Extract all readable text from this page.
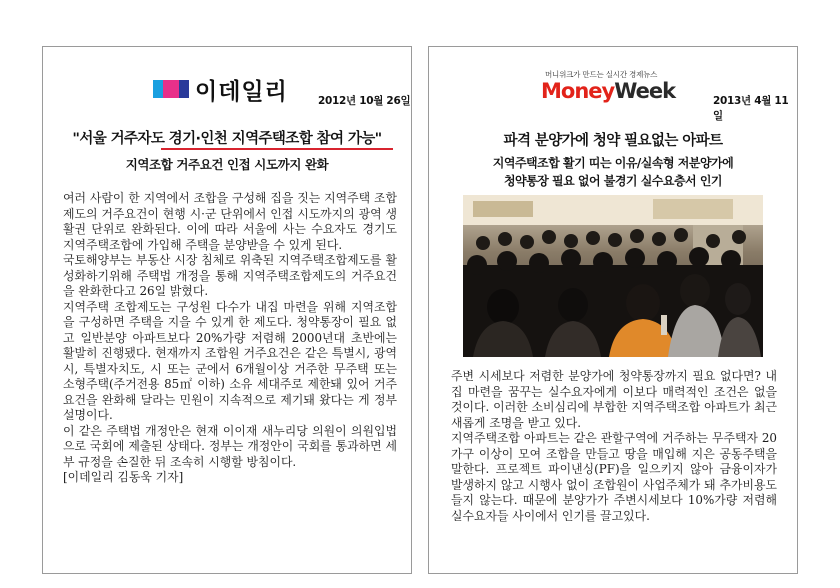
이데일리	2012년 10월 26일
"서울 거주자도 경기·인천 지역주택조합 참여 가능"
지역조합 거주요건 인접 시도까지 완화

여러 사람이 한 지역에서 조합을 구성해 집을 짓는 지역주택 조합제도의 거주요건이 현행 시·군 단위에서 인접 시도까지의 광역 생활권 단위로 완화된다. 이에 따라 서울에 사는 수요자도 경기도 지역주택조합에 가입해 주택을 분양받을 수 있게 된다.

국토해양부는 부동산 시장 침체로 위축된 지역주택조합제도를 활성화하기위해 주택법 개정을 통해 지역주택조합제도의 거주요건을 완화한다고 26일 밝혔다.

지역주택 조합제도는 구성원 다수가 내집 마련을 위해 지역조합을 구성하면 주택을 지을 수 있게 한 제도다. 청약통장이 필요 없고 일반분양 아파트보다 20%가량 저렴해 2000년대 초반에는 활발히 진행됐다. 현재까지 조합원 거주요건은 같은 특별시, 광역시, 특별자치도, 시 또는 군에서 6개월이상 거주한 무주택 또는 소형주택(주거전용 85㎡ 이하) 소유 세대주로 제한돼 있어 거주요건을 완화해 달라는 민원이 지속적으로 제기돼 왔다는 게 정부 설명이다.

이 같은 주택법 개정안은 현재 이이재 새누리당 의원이 의원입법으로 국회에 제출된 상태다. 정부는 개정안이 국회를 통과하면 세부 규정을 손질한 뒤 조속히 시행할 방침이다.

[이데일리 김동욱 기자]

머니위크가 만드는 실시간 경제뉴스
MoneyWeek	2013년 4월 11일
파격 분양가에 청약 필요없는 아파트
지역주택조합 활기 띠는 이유/실속형 저분양가에
청약통장 필요 없어 불경기 실수요층서 인기

주변 시세보다 저렴한 분양가에 청약통장까지 필요 없다면? 내 집 마련을 꿈꾸는 실수요자에게 이보다 매력적인 조건은 없을 것이다. 이러한 소비심리에 부합한 지역주택조합 아파트가 최근 새롭게 조명을 받고 있다.

지역주택조합 아파트는 같은 관할구역에 거주하는 무주택자 20가구 이상이 모여 조합을 만들고 땅을 매입해 지은 공동주택을 말한다. 프로젝트 파이낸싱(PF)을 일으키지 않아 금융이자가 발생하지 않고 시행사 없이 조합원이 사업주체가 돼 추가비용도 들지 않는다. 때문에 분양가가 주변시세보다 10%가량 저렴해 실수요자들 사이에서 인기를 끌고있다.
